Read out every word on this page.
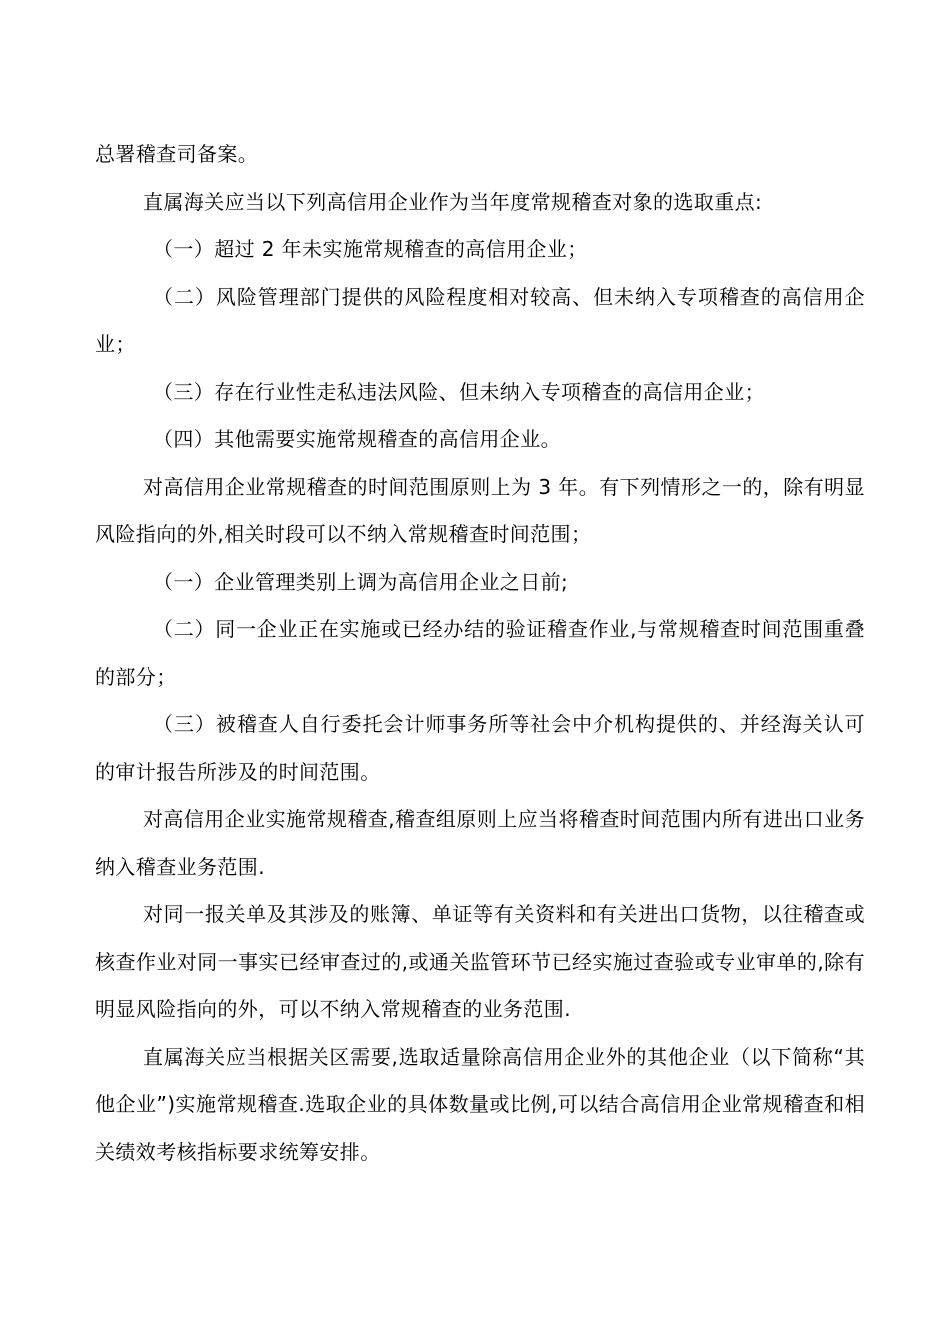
总署稽查司备案。

直属海关应当以下列高信用企业作为当年度常规稽查对象的选取重点:

（一）超过 2 年未实施常规稽查的高信用企业；

（二）风险管理部门提供的风险程度相对较高、但未纳入专项稽查的高信用企业；

（三）存在行业性走私违法风险、但未纳入专项稽查的高信用企业；

（四）其他需要实施常规稽查的高信用企业。

对高信用企业常规稽查的时间范围原则上为 3 年。有下列情形之一的，除有明显风险指向的外,相关时段可以不纳入常规稽查时间范围；

（一）企业管理类别上调为高信用企业之日前;

（二）同一企业正在实施或已经办结的验证稽查作业,与常规稽查时间范围重叠的部分；

（三）被稽查人自行委托会计师事务所等社会中介机构提供的、并经海关认可的审计报告所涉及的时间范围。

对高信用企业实施常规稽查,稽查组原则上应当将稽查时间范围内所有进出口业务纳入稽查业务范围.

对同一报关单及其涉及的账簿、单证等有关资料和有关进出口货物，以往稽查或核查作业对同一事实已经审查过的,或通关监管环节已经实施过查验或专业审单的,除有明显风险指向的外，可以不纳入常规稽查的业务范围.

直属海关应当根据关区需要,选取适量除高信用企业外的其他企业（以下简称“其他企业”)实施常规稽查.选取企业的具体数量或比例,可以结合高信用企业常规稽查和相关绩效考核指标要求统筹安排。
